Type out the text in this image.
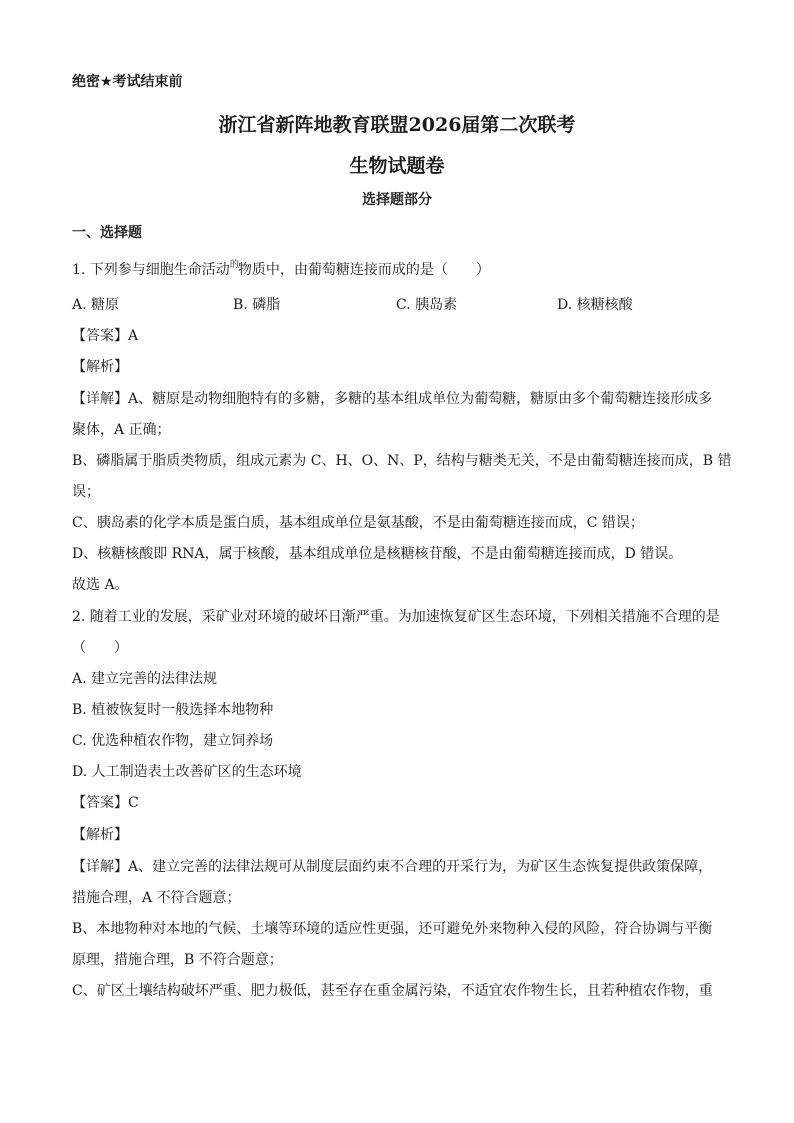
绝密★考试结束前
浙江省新阵地教育联盟2026届第二次联考
生物试题卷
选择题部分
一、选择题
1. 下列参与细胞生命活动$^的$物质中，由葡萄糖连接而成的是（ ）
A. 糖原	B. 磷脂	C. 胰岛素	D. 核糖核酸
【答案】A
【解析】
【详解】A、糖原是动物细胞特有的多糖，多糖的基本组成单位为葡萄糖，糖原由多个葡萄糖连接形成多
聚体，A 正确；
B、磷脂属于脂质类物质，组成元素为 C、H、O、N、P，结构与糖类无关，不是由葡萄糖连接而成，B 错
误；
C、胰岛素的化学本质是蛋白质，基本组成单位是氨基酸，不是由葡萄糖连接而成，C 错误；
D、核糖核酸即 RNA，属于核酸，基本组成单位是核糖核苷酸，不是由葡萄糖连接而成，D 错误。
故选 A。
2. 随着工业的发展，采矿业对环境的破坏日渐严重。为加速恢复矿区生态环境，下列相关措施不合理的是
（　　）
A. 建立完善的法律法规
B. 植被恢复时一般选择本地物种
C. 优选种植农作物，建立饲养场
D. 人工制造表土改善矿区的生态环境
【答案】C
【解析】
【详解】A、建立完善的法律法规可从制度层面约束不合理的开采行为，为矿区生态恢复提供政策保障，
措施合理，A 不符合题意；
B、本地物种对本地的气候、土壤等环境的适应性更强，还可避免外来物种入侵的风险，符合协调与平衡
原理，措施合理，B 不符合题意；
C、矿区土壤结构破坏严重、肥力极低，甚至存在重金属污染，不适宜农作物生长，且若种植农作物，重
